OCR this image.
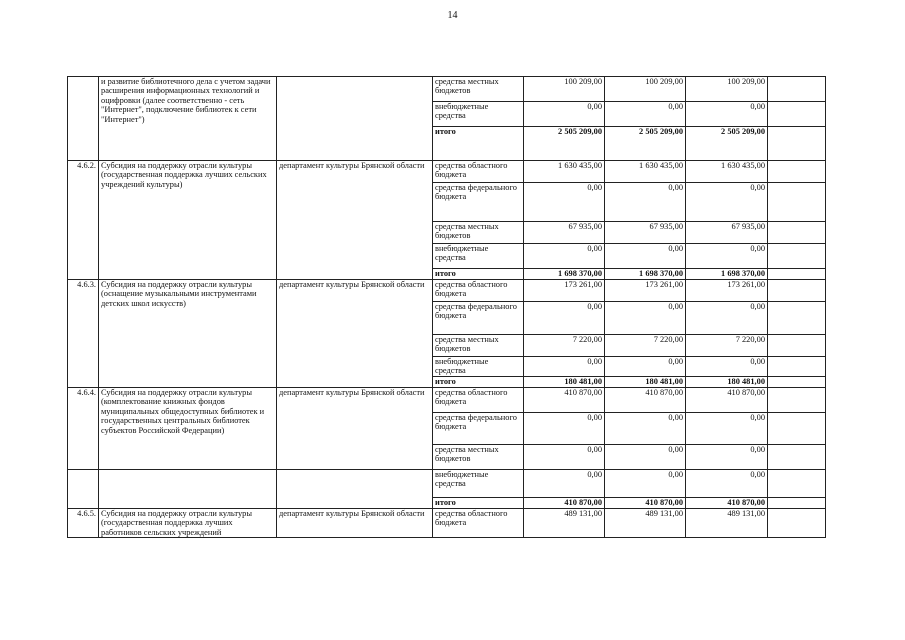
14
	и развитие библиотечного дела с учетом задачи расширения информационных технологий и оцифровки (далее соответственно - сеть "Интернет", подключение библиотек к сети "Интернет")		средства местных бюджетов	100 209,00	100 209,00	100 209,00	
			внебюджетные средства	0,00	0,00	0,00	
			итого	2 505 209,00	2 505 209,00	2 505 209,00	
4.6.2.	Субсидия на поддержку отрасли культуры (государственная поддержка лучших сельских учреждений культуры)	департамент культуры Брянской области	средства областного бюджета	1 630 435,00	1 630 435,00	1 630 435,00	
			средства федерального бюджета	0,00	0,00	0,00	
			средства местных бюджетов	67 935,00	67 935,00	67 935,00	
			внебюджетные средства	0,00	0,00	0,00	
			итого	1 698 370,00	1 698 370,00	1 698 370,00	
4.6.3.	Субсидия на поддержку отрасли культуры (оснащение музыкальными инструментами детских школ искусств)	департамент культуры Брянской области	средства областного бюджета	173 261,00	173 261,00	173 261,00	
			средства федерального бюджета	0,00	0,00	0,00	
			средства местных бюджетов	7 220,00	7 220,00	7 220,00	
			внебюджетные средства	0,00	0,00	0,00	
			итого	180 481,00	180 481,00	180 481,00	
4.6.4.	Субсидия на поддержку отрасли культуры (комплектование книжных фондов муниципальных общедоступных библиотек и государственных центральных библиотек субъектов Российской Федерации)	департамент культуры Брянской области	средства областного бюджета	410 870,00	410 870,00	410 870,00	
			средства федерального бюджета	0,00	0,00	0,00	
			средства местных бюджетов	0,00	0,00	0,00	
			внебюджетные средства	0,00	0,00	0,00	
			итого	410 870,00	410 870,00	410 870,00	
4.6.5.	Субсидия на поддержку отрасли культуры (государственная поддержка лучших работников сельских учреждений	департамент культуры Брянской области	средства областного бюджета	489 131,00	489 131,00	489 131,00	
